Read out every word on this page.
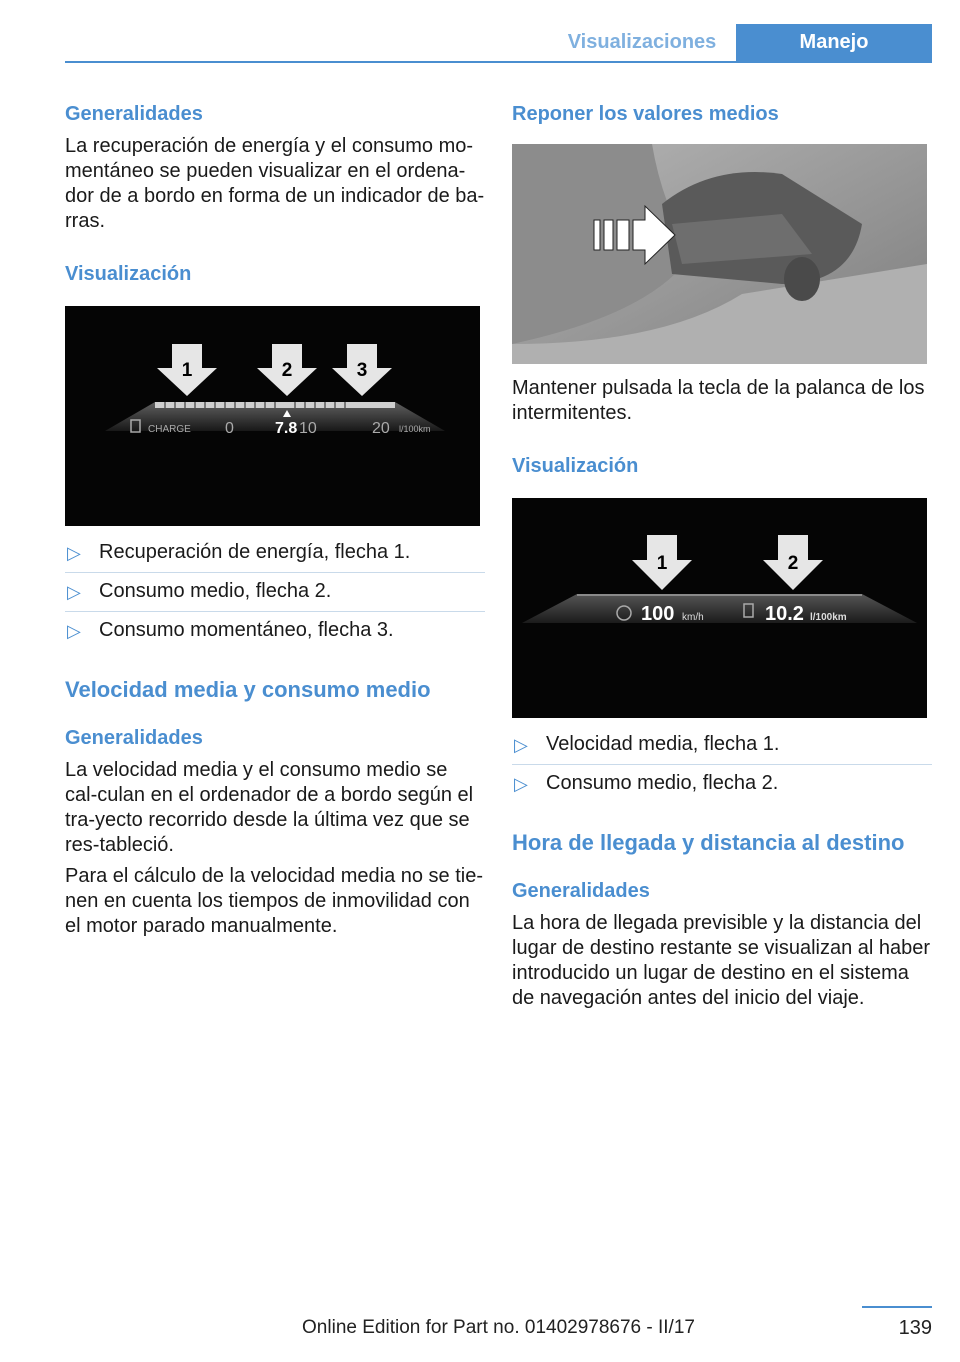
Visualizaciones	Manejo
Generalidades

La recuperación de energía y el consumo mo-mentáneo se pueden visualizar en el ordena-dor de a bordo en forma de un indicador de ba-rras.

Visualización
1	2	3
CHARGE 0	7.8 10	20 l/100km
▷ Recuperación de energía, flecha 1.
▷ Consumo medio, flecha 2.
▷ Consumo momentáneo, flecha 3.
Velocidad media y consumo medio
Generalidades

La velocidad media y el consumo medio se cal-culan en el ordenador de a bordo según el tra-yecto recorrido desde la última vez que se res-tableció.

Para el cálculo de la velocidad media no se tie-nen en cuenta los tiempos de inmovilidad con el motor parado manualmente.

Reponer los valores medios

Mantener pulsada la tecla de la palanca de los intermitentes.

Visualización
1	2
100 km/h	10.2 l/100km
▷ Velocidad media, flecha 1.
▷ Consumo medio, flecha 2.
Hora de llegada y distancia al destino
Generalidades

La hora de llegada previsible y la distancia del lugar de destino restante se visualizan al haber introducido un lugar de destino en el sistema de navegación antes del inicio del viaje.

Online Edition for Part no. 01402978676 - II/17	139
